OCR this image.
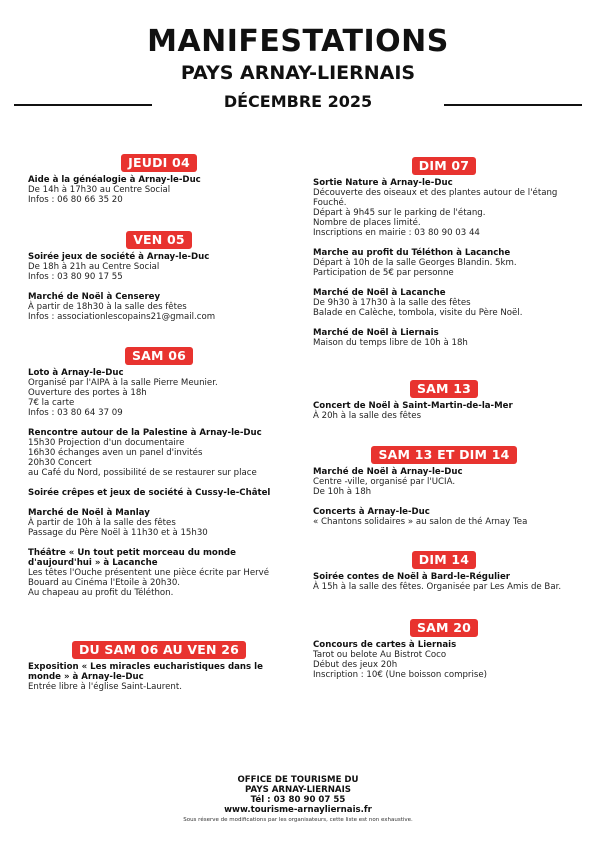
MANIFESTATIONS
PAYS ARNAY-LIERNAIS
DÉCEMBRE 2025
JEUDI 04
Aide à la généalogie à Arnay-le-Duc
De 14h à 17h30 au Centre Social
Infos : 06 80 66 35 20
VEN 05
Soirée jeux de société à Arnay-le-Duc
De 18h à 21h au Centre Social
Infos : 03 80 90 17 55
Marché de Noël à Censerey
À partir de 18h30 à la salle des fêtes
Infos : associationlescopains21@gmail.com
SAM 06
Loto à Arnay-le-Duc
Organisé par l'AIPA à la salle Pierre Meunier.
Ouverture des portes à 18h
7€ la carte
Infos : 03 80 64 37 09
Rencontre autour de la Palestine à Arnay-le-Duc
15h30 Projection d'un documentaire
16h30 échanges aven un panel d'invités
20h30 Concert
au Café du Nord, possibilité de se restaurer sur place
Soirée crêpes et jeux de société à Cussy-le-Châtel
Marché de Noël à Manlay
À partir de 10h à la salle des fêtes
Passage du Père Noël à 11h30 et à 15h30
Théâtre « Un tout petit morceau du monde d'aujourd'hui » à Lacanche
Les têtes l'Ouche présentent une pièce écrite par Hervé
Bouard au Cinéma l'Etoile à 20h30.
Au chapeau au profit du Téléthon.
DU SAM 06 AU VEN 26
Exposition « Les miracles eucharistiques dans le monde » à Arnay-le-Duc
Entrée libre à l'église Saint-Laurent.
DIM 07
Sortie Nature à Arnay-le-Duc
Découverte des oiseaux et des plantes autour de l'étang
Fouché.
Départ à 9h45 sur le parking de l'étang.
Nombre de places limité.
Inscriptions en mairie : 03 80 90 03 44
Marche au profit du Téléthon à Lacanche
Départ à 10h de la salle Georges Blandin. 5km.
Participation de 5€ par personne
Marché de Noël à Lacanche
De 9h30 à 17h30 à la salle des fêtes
Balade en Calèche, tombola, visite du Père Noël.
Marché de Noël à Liernais
Maison du temps libre de 10h à 18h
SAM 13
Concert de Noël à Saint-Martin-de-la-Mer
À 20h à la salle des fêtes
SAM 13 ET DIM 14
Marché de Noël à Arnay-le-Duc
Centre -ville, organisé par l'UCIA.
De 10h à 18h
Concerts à Arnay-le-Duc
« Chantons solidaires » au salon de thé Arnay Tea
DIM 14
Soirée contes de Noël à Bard-le-Régulier
À 15h à la salle des fêtes. Organisée par Les Amis de Bar.
SAM 20
Concours de cartes à Liernais
Tarot ou belote Au Bistrot Coco
Début des jeux 20h
Inscription : 10€ (Une boisson comprise)
OFFICE DE TOURISME DU
PAYS ARNAY-LIERNAIS
Tél : 03 80 90 07 55
www.tourisme-arnayliernais.fr
Sous réserve de modifications par les organisateurs, cette liste est non exhaustive.
